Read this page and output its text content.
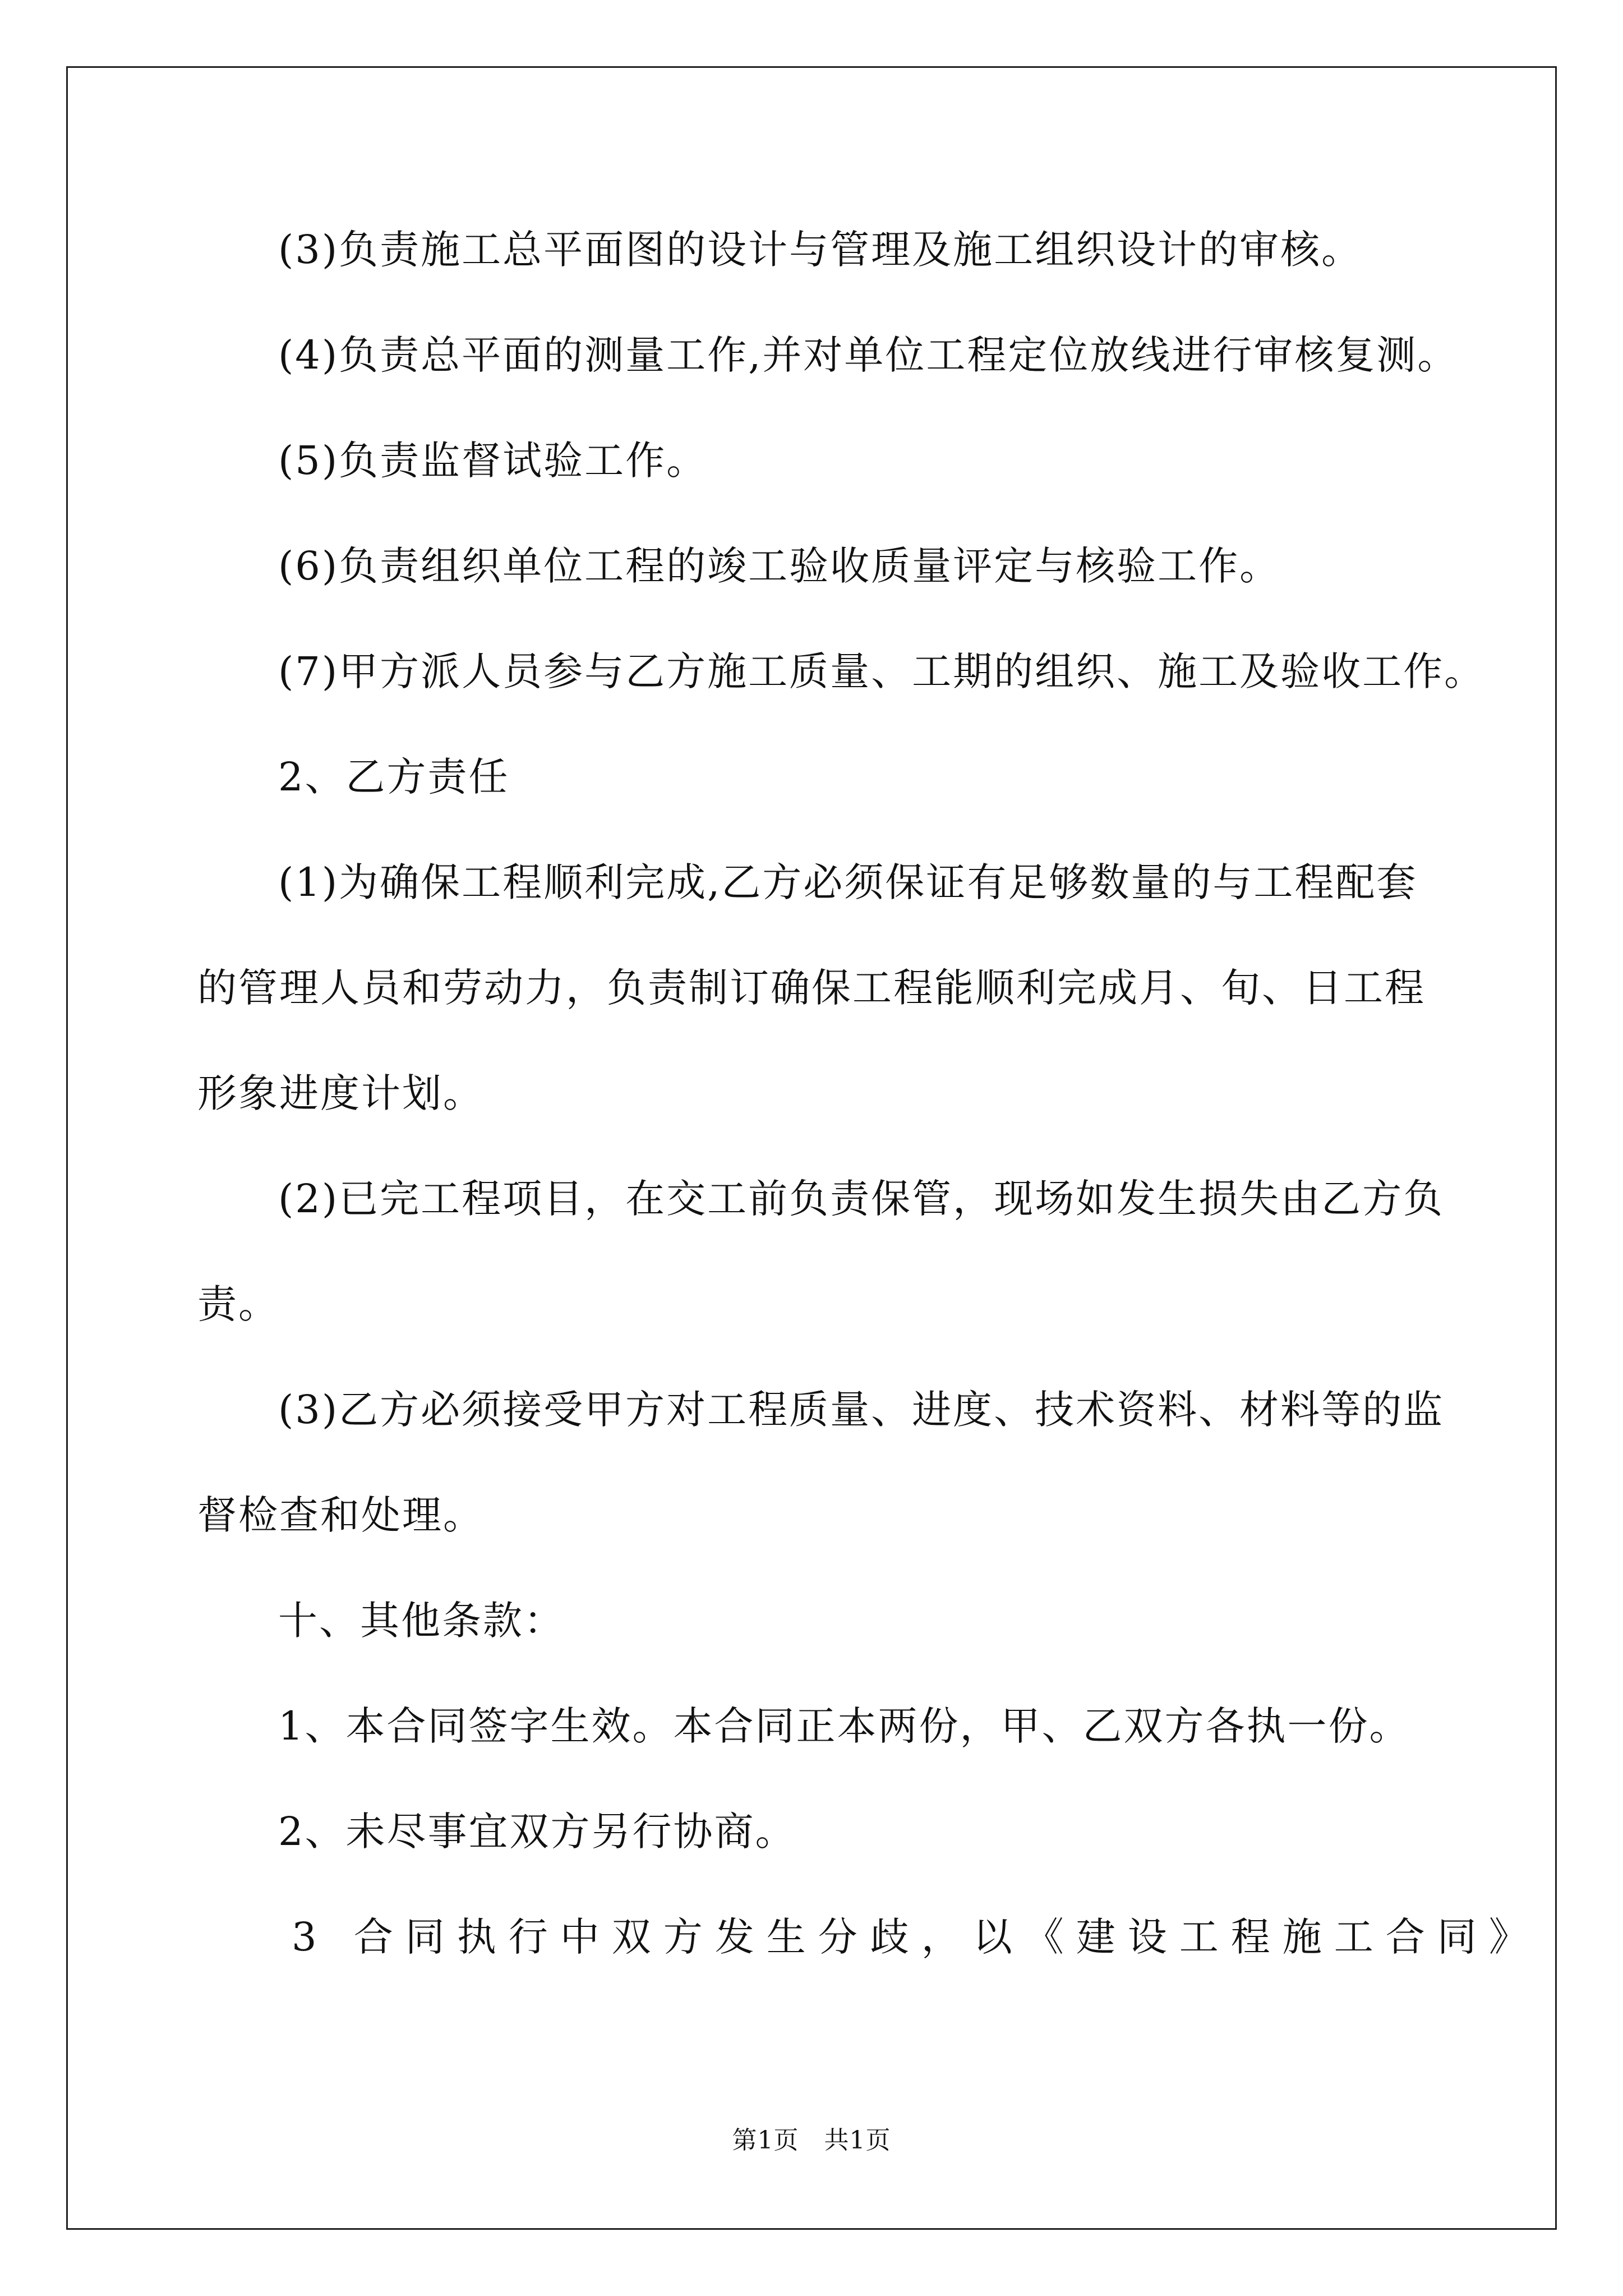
(3)负责施工总平面图的设计与管理及施工组织设计的审核。
(4)负责总平面的测量工作,并对单位工程定位放线进行审核复测。
(5)负责监督试验工作。
(6)负责组织单位工程的竣工验收质量评定与核验工作。
(7)甲方派人员参与乙方施工质量、工期的组织、施工及验收工作。
2、乙方责任
(1)为确保工程顺利完成,乙方必须保证有足够数量的与工程配套
的管理人员和劳动力，负责制订确保工程能顺利完成月、旬、日工程
形象进度计划。
(2)已完工程项目，在交工前负责保管，现场如发生损失由乙方负
责。
(3)乙方必须接受甲方对工程质量、进度、技术资料、材料等的监
督检查和处理。
十、其他条款：
1、本合同签字生效。本合同正本两份，甲、乙双方各执一份。
2、未尽事宜双方另行协商。
3 合同执行中双方发生分歧，以《建设工程施工合同》
第1页   共1页
